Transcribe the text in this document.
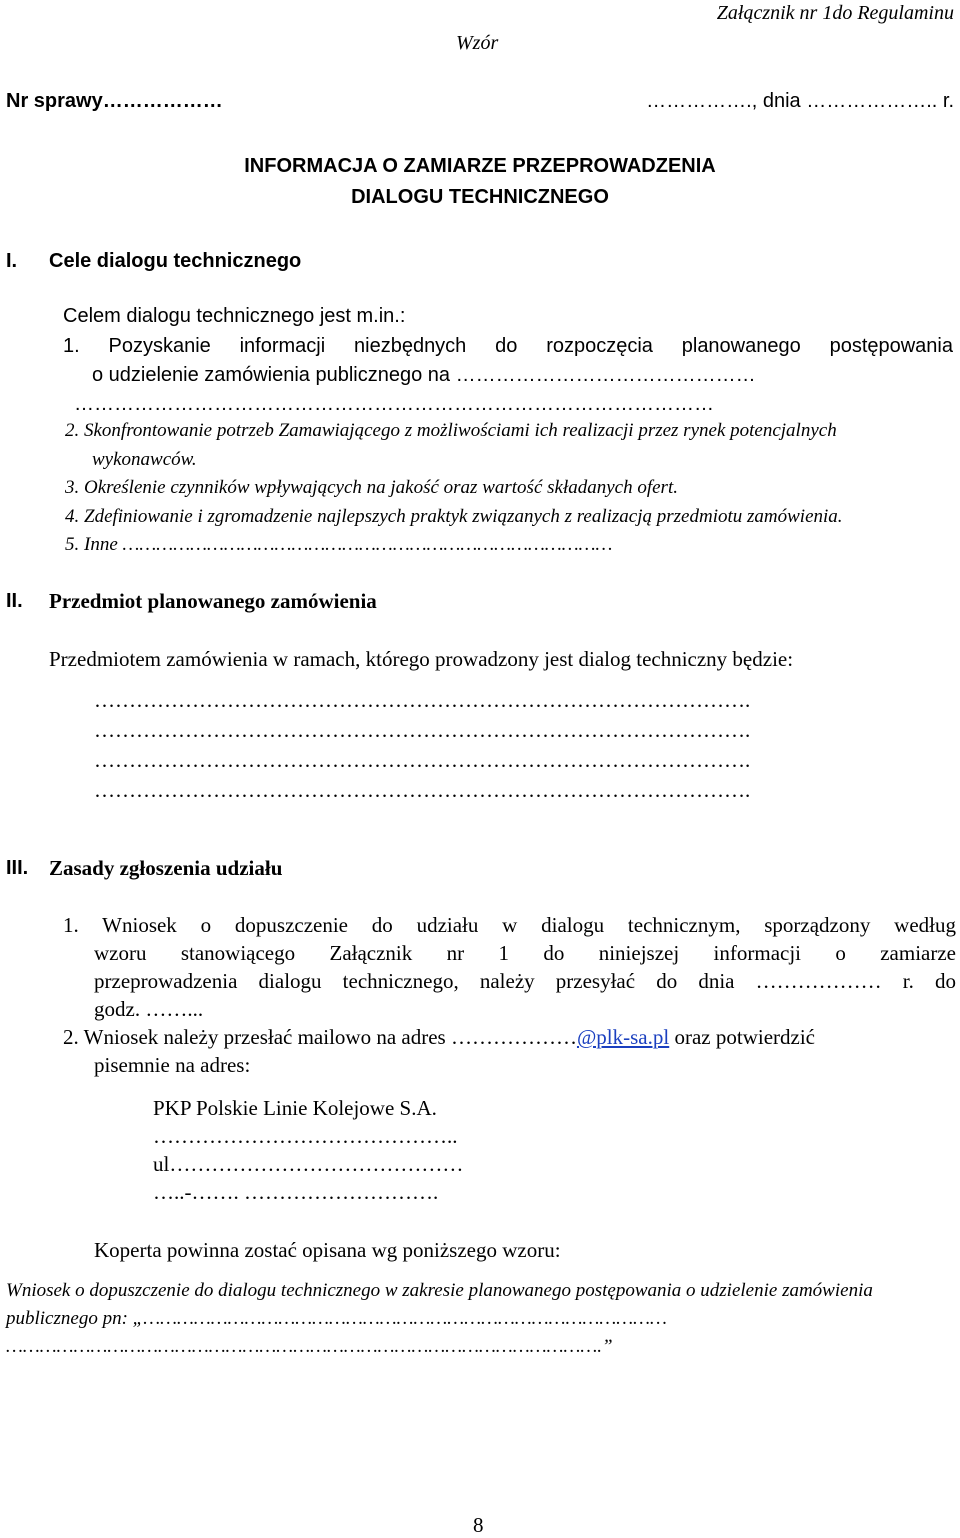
Załącznik nr 1do Regulaminu
Wzór
Nr sprawy………………	……………., dnia ……………….. r.
INFORMACJA O ZAMIARZE PRZEPROWADZENIA
DIALOGU TECHNICZNEGO
I. Cele dialogu technicznego
Celem dialogu technicznego jest m.in.:
1. Pozyskanie informacji niezbędnych do rozpoczęcia planowanego postępowania
o udzielenie zamówienia publicznego na ………………………………………
……………………………………………………………………………………
2. Skonfrontowanie potrzeb Zamawiającego z możliwościami ich realizacji przez rynek potencjalnych
wykonawców.
3. Określenie czynników wpływających na jakość oraz wartość składanych ofert.
4. Zdefiniowanie i zgromadzenie najlepszych praktyk związanych z realizacją przedmiotu zamówienia.
5. Inne ……………………………………………………………………………
II. Przedmiot planowanego zamówienia
Przedmiotem zamówienia w ramach, którego prowadzony jest dialog techniczny będzie:
………………………………………………………………………………….
………………………………………………………………………………….
………………………………………………………………………………….
………………………………………………………………………………….
III. Zasady zgłoszenia udziału
1. Wniosek o dopuszczenie do udziału w dialogu technicznym, sporządzony według
wzoru stanowiącego Załącznik nr 1 do niniejszej informacji o zamiarze
przeprowadzenia dialogu technicznego, należy przesyłać do dnia ……………… r. do
godz. ……...
2. Wniosek należy przesłać mailowo na adres ………………@plk-sa.pl oraz potwierdzić
pisemnie na adres:
PKP Polskie Linie Kolejowe S.A.
……………………………………..
ul……………………………………
…..-……. ……………………….
Koperta powinna zostać opisana wg poniższego wzoru:
Wniosek o dopuszczenie do dialogu technicznego w zakresie planowanego postępowania o udzielenie zamówienia
publicznego pn: „…………………………………………………………………………………
…………………………………………………………………………………………….”
8
